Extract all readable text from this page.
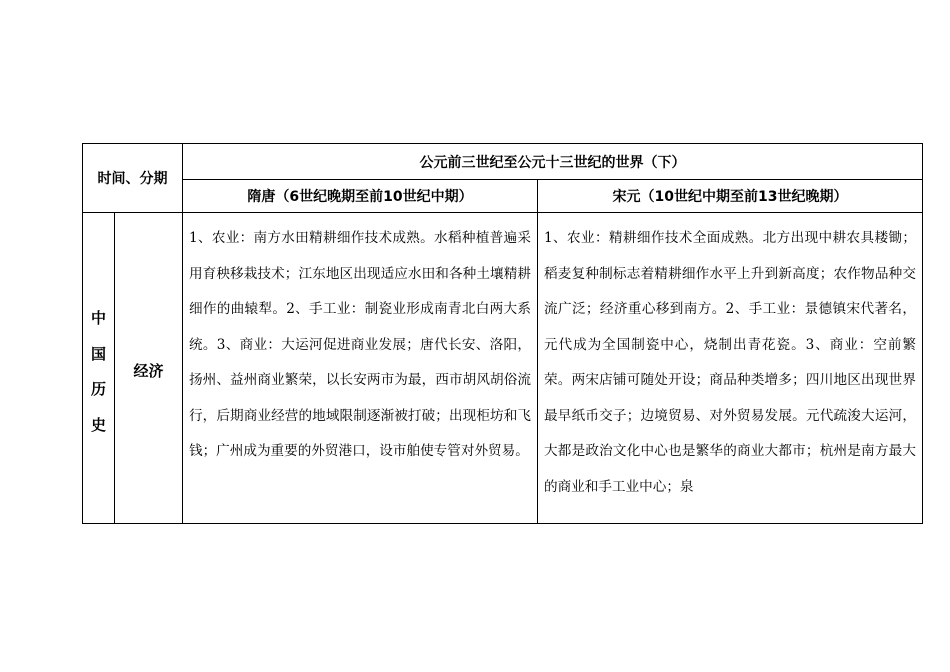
时间、分期		公元前三世纪至公元十三世纪的世界（下）	
		隋唐（6世纪晚期至前10世纪中期）	宋元（10世纪中期至前13世纪晚期）

中
国
历
史	经济	1、农业：南方水田精耕细作技术成熟。水稻种植普遍采用育秧移栽技术；江东地区出现适应水田和各种土壤精耕细作的曲辕犁。2、手工业：制瓷业形成南青北白两大系统。3、商业：大运河促进商业发展；唐代长安、洛阳，扬州、益州商业繁荣，以长安两市为最，西市胡风胡俗流行，后期商业经营的地域限制逐渐被打破；出现柜坊和飞钱；广州成为重要的外贸港口，设市舶使专管对外贸易。	1、农业：精耕细作技术全面成熟。北方出现中耕农具耧锄；稻麦复种制标志着精耕细作水平上升到新高度；农作物品种交流广泛；经济重心移到南方。2、手工业：景德镇宋代著名，元代成为全国制瓷中心，烧制出青花瓷。3、商业：空前繁荣。两宋店铺可随处开设；商品种类增多；四川地区出现世界最早纸币交子；边境贸易、对外贸易发展。元代疏浚大运河，大都是政治文化中心也是繁华的商业大都市；杭州是南方最大的商业和手工业中心；泉
